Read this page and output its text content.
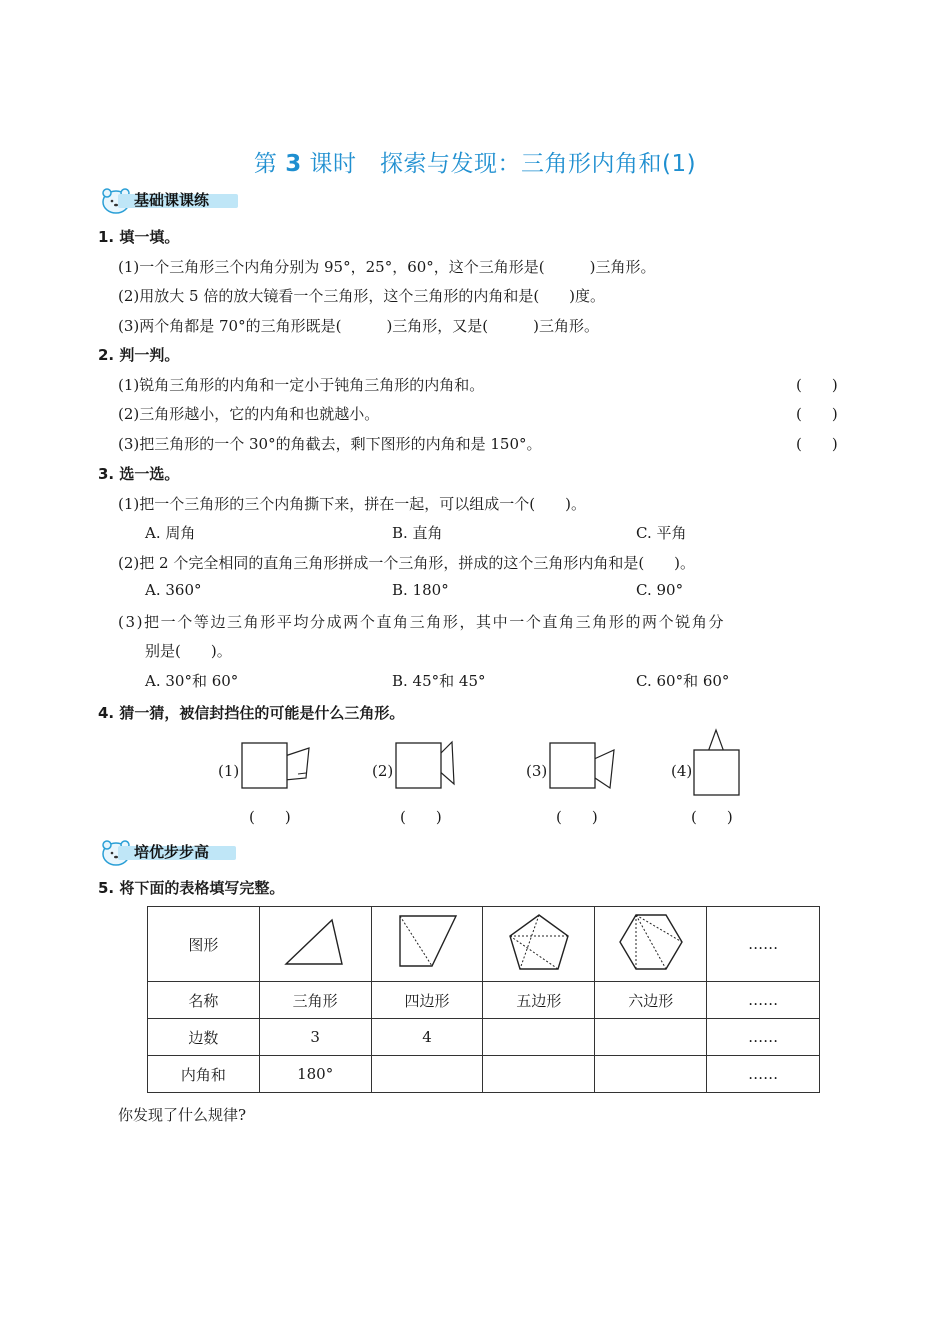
第 3 课时　探索与发现：三角形内角和(1)
基础课课练
1. 填一填。
(1)一个三角形三个内角分别为 95°，25°，60°，这个三角形是(　　　)三角形。
(2)用放大 5 倍的放大镜看一个三角形，这个三角形的内角和是(　　)度。
(3)两个角都是 70°的三角形既是(　　　)三角形，又是(　　　)三角形。
2. 判一判。
(1)锐角三角形的内角和一定小于钝角三角形的内角和。	(　　)
(2)三角形越小，它的内角和也就越小。	(　　)
(3)把三角形的一个 30°的角截去，剩下图形的内角和是 150°。	(　　)
3. 选一选。
(1)把一个三角形的三个内角撕下来，拼在一起，可以组成一个(　　)。
A. 周角	B. 直角	C. 平角
(2)把 2 个完全相同的直角三角形拼成一个三角形，拼成的这个三角形内角和是(　　)。
A. 360°	B. 180°	C. 90°
(3)把一个等边三角形平均分成两个直角三角形，其中一个直角三角形的两个锐角分
别是(　　)。
A. 30°和 60°	B. 45°和 45°	C. 60°和 60°
4. 猜一猜，被信封挡住的可能是什么三角形。
(1)
(　　)
(2)
(　　)
(3)
(　　)
(4)
(　　)
培优步步高
5. 将下面的表格填写完整。
图形					……
名称	三角形	四边形	五边形	六边形	……
边数	3	4			……
内角和	180°				……
你发现了什么规律?
